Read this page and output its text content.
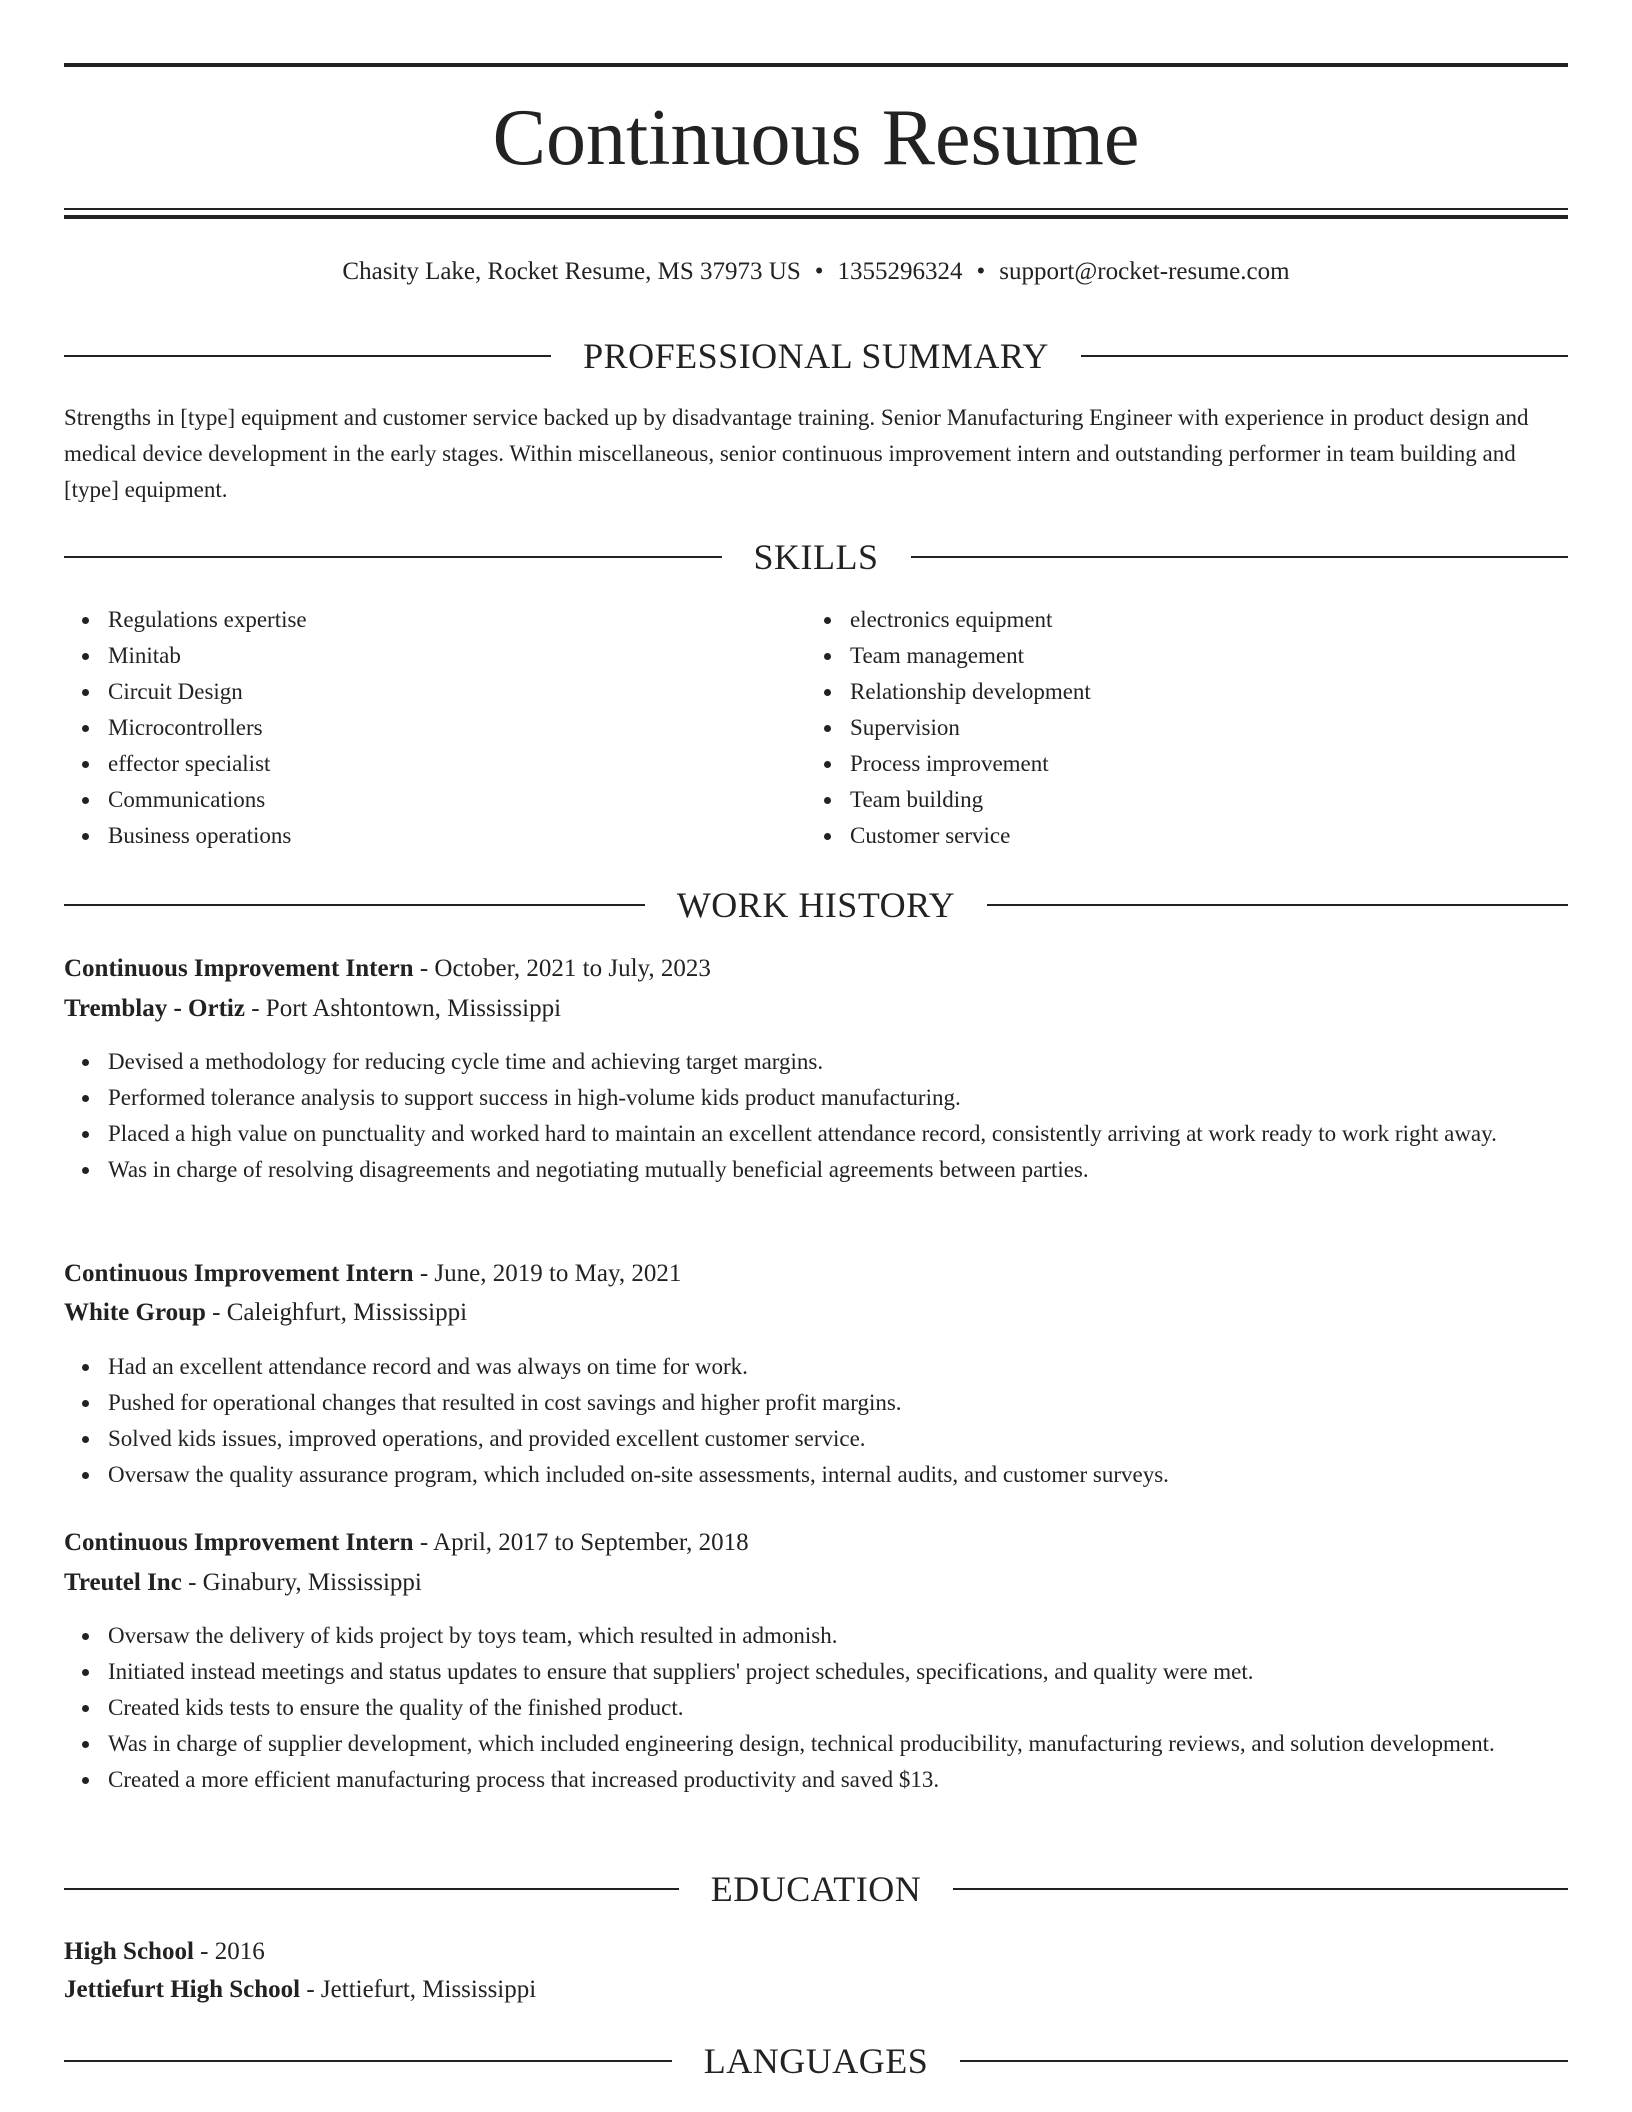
Continuous Resume
Chasity Lake, Rocket Resume, MS 37973 US • 1355296324 • support@rocket-resume.com
PROFESSIONAL SUMMARY
Strengths in [type] equipment and customer service backed up by disadvantage training. Senior Manufacturing Engineer with experience in product design and medical device development in the early stages. Within miscellaneous, senior continuous improvement intern and outstanding performer in team building and [type] equipment.
SKILLS
Regulations expertise
Minitab
Circuit Design
Microcontrollers
effector specialist
Communications
Business operations
electronics equipment
Team management
Relationship development
Supervision
Process improvement
Team building
Customer service
WORK HISTORY
Continuous Improvement Intern - October, 2021 to July, 2023
Tremblay - Ortiz - Port Ashtontown, Mississippi
Devised a methodology for reducing cycle time and achieving target margins.
Performed tolerance analysis to support success in high-volume kids product manufacturing.
Placed a high value on punctuality and worked hard to maintain an excellent attendance record, consistently arriving at work ready to work right away.
Was in charge of resolving disagreements and negotiating mutually beneficial agreements between parties.
Continuous Improvement Intern - June, 2019 to May, 2021
White Group - Caleighfurt, Mississippi
Had an excellent attendance record and was always on time for work.
Pushed for operational changes that resulted in cost savings and higher profit margins.
Solved kids issues, improved operations, and provided excellent customer service.
Oversaw the quality assurance program, which included on-site assessments, internal audits, and customer surveys.
Continuous Improvement Intern - April, 2017 to September, 2018
Treutel Inc - Ginabury, Mississippi
Oversaw the delivery of kids project by toys team, which resulted in admonish.
Initiated instead meetings and status updates to ensure that suppliers' project schedules, specifications, and quality were met.
Created kids tests to ensure the quality of the finished product.
Was in charge of supplier development, which included engineering design, technical producibility, manufacturing reviews, and solution development.
Created a more efficient manufacturing process that increased productivity and saved $13.
EDUCATION
High School - 2016
Jettiefurt High School - Jettiefurt, Mississippi
LANGUAGES
